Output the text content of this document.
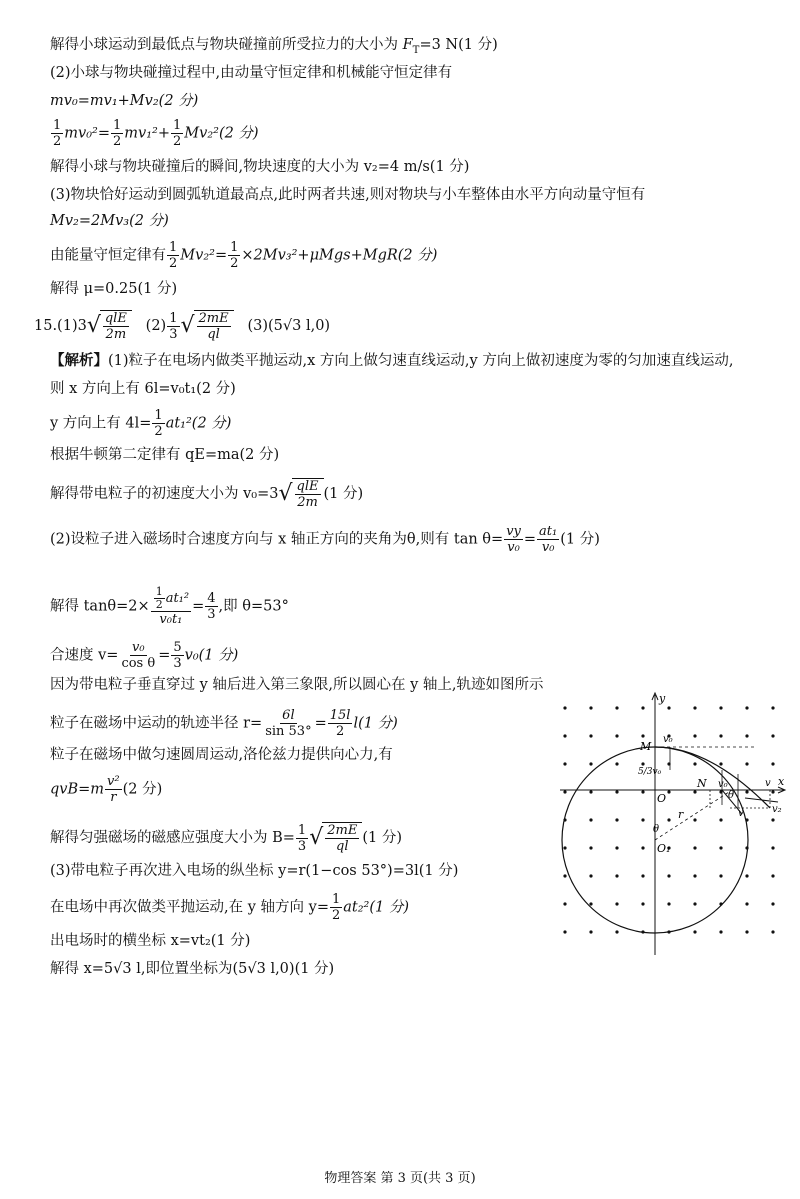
解得小球运动到最低点与物块碰撞前所受拉力的大小为 $F_T=3$ N(1 分)
(2)小球与物块碰撞过程中,由动量守恒定律和机械能守恒定律有
mv₀=mv₁+Mv₂(2 分)
$\frac{1}{2} mv_0^2= \frac{1}{2} mv_1^2+ \frac{1}{2} Mv_2^2(2$ 分)
解得小球与物块碰撞后的瞬间,物块速度的大小为 v₂=4 m/s(1 分)
(3)物块恰好运动到圆弧轨道最高点,此时两者共速,则对物块与小车整体由水平方向动量守恒有
Mv₂=2Mv₃(2 分)
由能量守恒定律有 $\frac{1}{2} Mv_2^2= \frac{1}{2} \times 2Mv_3^2+\mu Mgs+MgR(2$ 分)
解得 μ=0.25(1 分)
15.(1)3√ qlE
2m
$(2) \frac{1}{3}$ √ $\frac{2mE}{ql} (3)(5√3$ l,0)
【解析】(1)粒子在电场内做类平抛运动,x 方向上做匀速直线运动,y 方向上做初速度为零的匀加速直线运动,
则 x 方向上有 6l=v₀t₁(2 分)
y 方向上有 $4l= \frac{1}{2} at_1^2(2$ 分)
根据牛顿第二定律有 qE=ma(2 分)
解得带电粒子的初速度大小为 v₀=3√ qlE
2m
(1 分)
(2)设粒子进入磁场时合速度方向与 x 轴正方向的夹角为θ,则有 $\tan \theta= \frac{vy}{\text{v₀}} = \frac{\text{at₁}}{\text{v₀}} (1$ 分)
解得 $\tan\theta=2\times \frac{\frac{1}{2} at_1^2}{\text{v₀t₁}} = \frac{4}{3}$ ,即 θ=53°
合速度 $v= \frac{\text{v₀}}{\text{cos θ}} = \frac{5}{3} v_0(1$ 分)
因为带电粒子垂直穿过 y 轴后进入第三象限,所以圆心在 y 轴上,轨迹如图所示
粒子在磁场中运动的轨迹半径 $r= \frac{6l}{\sin 53^\circ} = \frac{15l}{2} l(1$ 分)
粒子在磁场中做匀速圆周运动,洛伦兹力提供向心力,有
$qvB=m \frac{\text{v²}}{r} (2$ 分)
解得匀强磁场的磁感应强度大小为 $B= \frac{1}{3}$ √ $\frac{2mE}{ql} (1$ 分)
(3)带电粒子再次进入电场的纵坐标 y=r(1−cos 53°)=3l(1 分)
在电场中再次做类平抛运动,在 y 轴方向 $y= \frac{1}{2} at_2^2(1$ 分)
出电场时的横坐标 x=vt₂(1 分)
解得 x=5√3 l,即位置坐标为(5√3 l,0)(1 分)
y
x
M
N
O
O₁
v₀
v₀
5/3v₀
r
θ
θ
v
v₂
v
物理答案 第 3 页(共 3 页)
